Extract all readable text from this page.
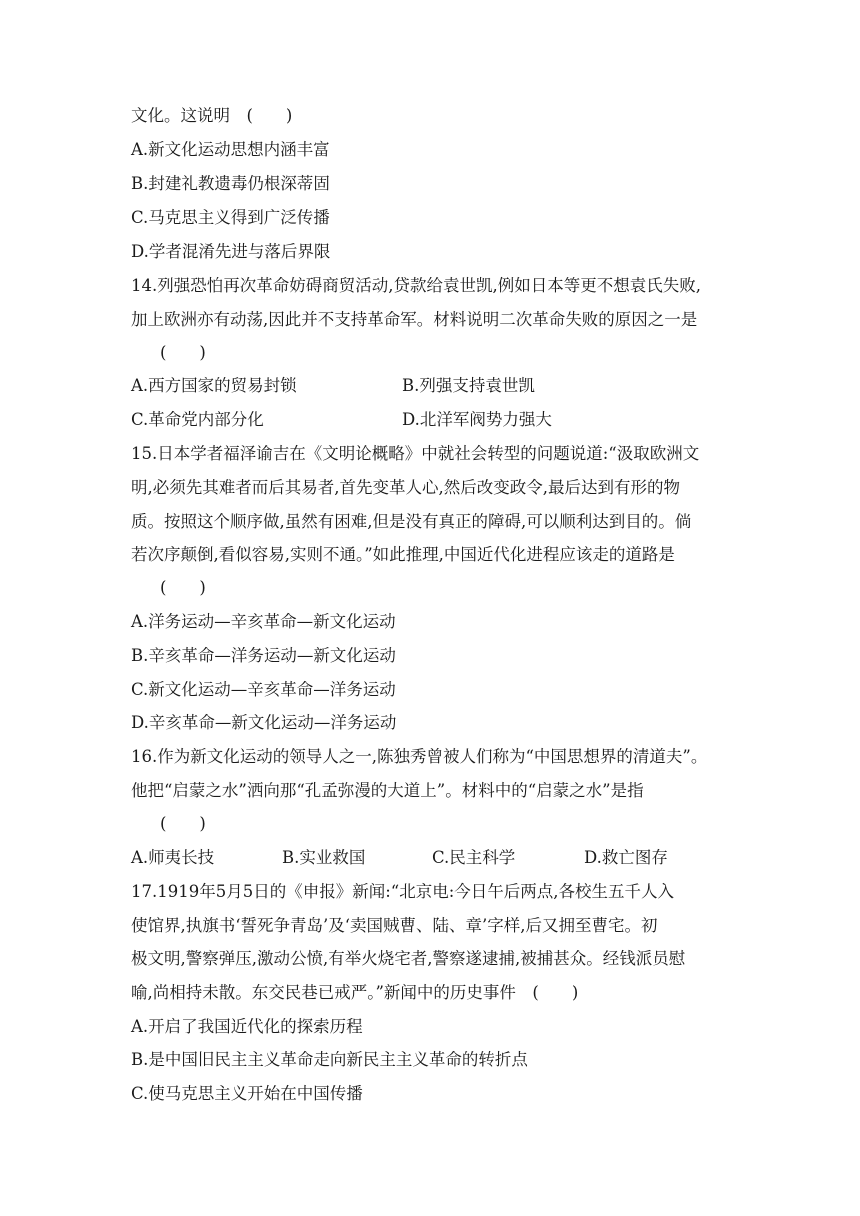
文化。这说明　(　　)
A.新文化运动思想内涵丰富
B.封建礼教遗毒仍根深蒂固
C.马克思主义得到广泛传播
D.学者混淆先进与落后界限
14.列强恐怕再次革命妨碍商贸活动,贷款给袁世凯,例如日本等更不想袁氏失败,
加上欧洲亦有动荡,因此并不支持革命军。材料说明二次革命失败的原因之一是
(　　)
A.西方国家的贸易封锁	B.列强支持袁世凯
C.革命党内部分化	D.北洋军阀势力强大
15.日本学者福泽谕吉在《文明论概略》中就社会转型的问题说道:“汲取欧洲文
明,必须先其难者而后其易者,首先变革人心,然后改变政令,最后达到有形的物
质。按照这个顺序做,虽然有困难,但是没有真正的障碍,可以顺利达到目的。倘
若次序颠倒,看似容易,实则不通。”如此推理,中国近代化进程应该走的道路是
(　　)
A.洋务运动—辛亥革命—新文化运动
B.辛亥革命—洋务运动—新文化运动
C.新文化运动—辛亥革命—洋务运动
D.辛亥革命—新文化运动—洋务运动
16.作为新文化运动的领导人之一,陈独秀曾被人们称为“中国思想界的清道夫”。
他把“启蒙之水”洒向那“孔孟弥漫的大道上”。材料中的“启蒙之水”是指
(　　)
A.师夷长技	B.实业救国	C.民主科学	D.救亡图存
17.1919年5月5日的《申报》新闻:“北京电:今日午后两点,各校生五千人入
使馆界,执旗书‘誓死争青岛’及‘卖国贼曹、陆、章’字样,后又拥至曹宅。初
极文明,警察弹压,激动公愤,有举火烧宅者,警察遂逮捕,被捕甚众。经钱派员慰
喻,尚相持未散。东交民巷已戒严。”新闻中的历史事件　(　　)
A.开启了我国近代化的探索历程
B.是中国旧民主主义革命走向新民主主义革命的转折点
C.使马克思主义开始在中国传播
